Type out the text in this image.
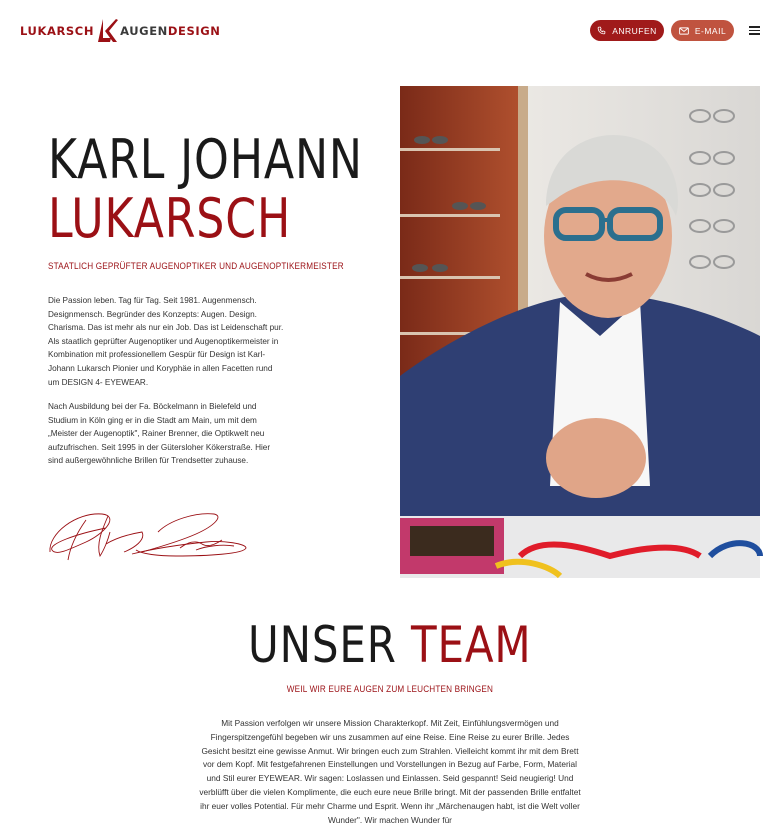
LUKARSCH AUGEN DESIGN	ANRUFEN	E-MAIL
KARL JOHANN
LUKARSCH
STAATLICH GEPRÜFTER AUGENOPTIKER UND AUGENOPTIKERMEISTER

Die Passion leben. Tag für Tag. Seit 1981. Augenmensch. Designmensch. Begründer des Konzepts: Augen. Design. Charisma. Das ist mehr als nur ein Job. Das ist Leidenschaft pur. Als staatlich geprüfter Augenoptiker und Augenoptikermeister in Kombination mit professionellem Gespür für Design ist Karl-Johann Lukarsch Pionier und Koryphäe in allen Facetten rund um DESIGN 4- EYEWEAR.

Nach Ausbildung bei der Fa. Böckelmann in Bielefeld und Studium in Köln ging er in die Stadt am Main, um mit dem „Meister der Augenoptik", Rainer Brenner, die Optikwelt neu aufzufrischen. Seit 1995 in der Gütersloher Kökerstraße. Hier sind außergewöhnliche Brillen für Trendsetter zuhause.

UNSER TEAM
WEIL WIR EURE AUGEN ZUM LEUCHTEN BRINGEN

Mit Passion verfolgen wir unsere Mission Charakterkopf. Mit Zeit, Einfühlungsvermögen und Fingerspitzengefühl begeben wir uns zusammen auf eine Reise. Eine Reise zu eurer Brille. Jedes Gesicht besitzt eine gewisse Anmut. Wir bringen euch zum Strahlen. Vielleicht kommt ihr mit dem Brett vor dem Kopf. Mit festgefahrenen Einstellungen und Vorstellungen in Bezug auf Farbe, Form, Material und Stil eurer EYEWEAR. Wir sagen: Loslassen und Einlassen. Seid gespannt! Seid neugierig! Und verblüfft über die vielen Komplimente, die euch eure neue Brille bringt. Mit der passenden Brille entfaltet ihr euer volles Potential. Für mehr Charme und Esprit. Wenn ihr „Märchenaugen habt, ist die Welt voller Wunder". Wir machen Wunder für
